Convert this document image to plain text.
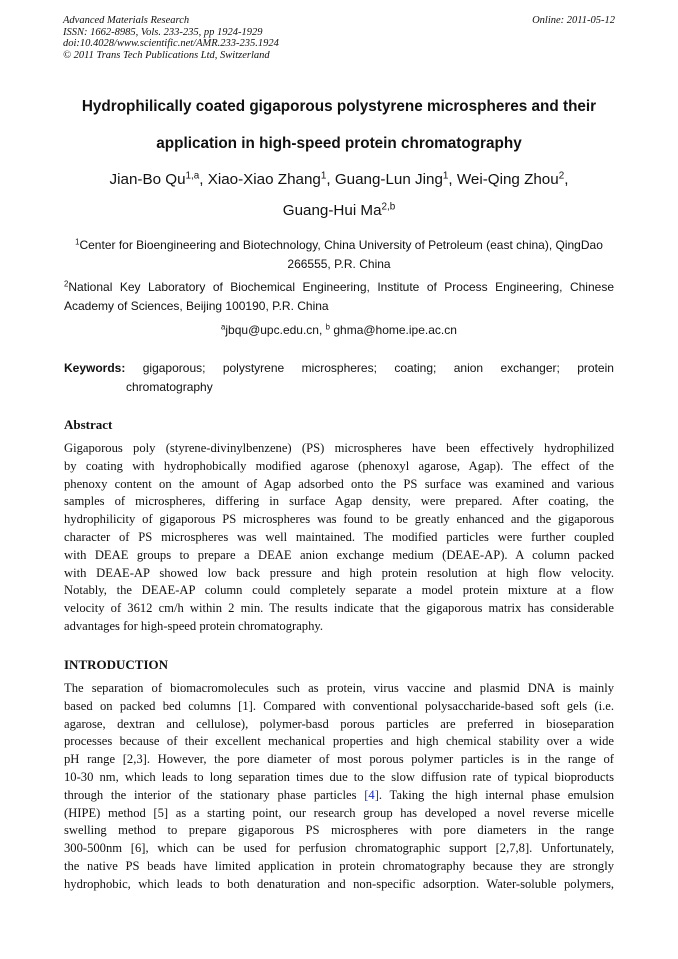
Advanced Materials Research
ISSN: 1662-8985, Vols. 233-235, pp 1924-1929
doi:10.4028/www.scientific.net/AMR.233-235.1924
© 2011 Trans Tech Publications Ltd, Switzerland
Online: 2011-05-12
Hydrophilically coated gigaporous polystyrene microspheres and their
application in high-speed protein chromatography
Jian-Bo Qu$^{1,a}$, Xiao-Xiao Zhang$^1$, Guang-Lun Jing$^1$, Wei-Qing Zhou$^2$,
Guang-Hui Ma$^{2,b}$
$^1$Center for Bioengineering and Biotechnology, China University of Petroleum (east china), QingDao
266555, P.R. China
$^2$National Key Laboratory of Biochemical Engineering, Institute of Process Engineering, Chinese
Academy of Sciences, Beijing 100190, P.R. China
$^a$jbqu@upc.edu.cn, $^b$ ghma@home.ipe.ac.cn
Keywords: gigaporous; polystyrene microspheres; coating; anion exchanger; protein
chromatography
Abstract
Gigaporous poly (styrene-divinylbenzene) (PS) microspheres have been effectively hydrophilized
by coating with hydrophobically modified agarose (phenoxyl agarose, Agap). The effect of the
phenoxy content on the amount of Agap adsorbed onto the PS surface was examined and various
samples of microspheres, differing in surface Agap density, were prepared. After coating, the
hydrophilicity of gigaporous PS microspheres was found to be greatly enhanced and the gigaporous
character of PS microspheres was well maintained. The modified particles were further coupled
with DEAE groups to prepare a DEAE anion exchange medium (DEAE-AP). A column packed
with DEAE-AP showed low back pressure and high protein resolution at high flow velocity.
Notably, the DEAE-AP column could completely separate a model protein mixture at a flow
velocity of 3612 cm/h within 2 min. The results indicate that the gigaporous matrix has considerable
advantages for high-speed protein chromatography.
INTRODUCTION
The separation of biomacromolecules such as protein, virus vaccine and plasmid DNA is mainly
based on packed bed columns [1]. Compared with conventional polysaccharide-based soft gels (i.e.
agarose, dextran and cellulose), polymer-basd porous particles are preferred in bioseparation
processes because of their excellent mechanical properties and high chemical stability over a wide
pH range [2,3]. However, the pore diameter of most porous polymer particles is in the range of
10-30 nm, which leads to long separation times due to the slow diffusion rate of typical bioproducts
through the interior of the stationary phase particles [4]. Taking the high internal phase emulsion
(HIPE) method [5] as a starting point, our research group has developed a novel reverse micelle
swelling method to prepare gigaporous PS microspheres with pore diameters in the range
300-500nm [6], which can be used for perfusion chromatographic support [2,7,8]. Unfortunately,
the native PS beads have limited application in protein chromatography because they are strongly
hydrophobic, which leads to both denaturation and non-specific adsorption. Water-soluble polymers,
